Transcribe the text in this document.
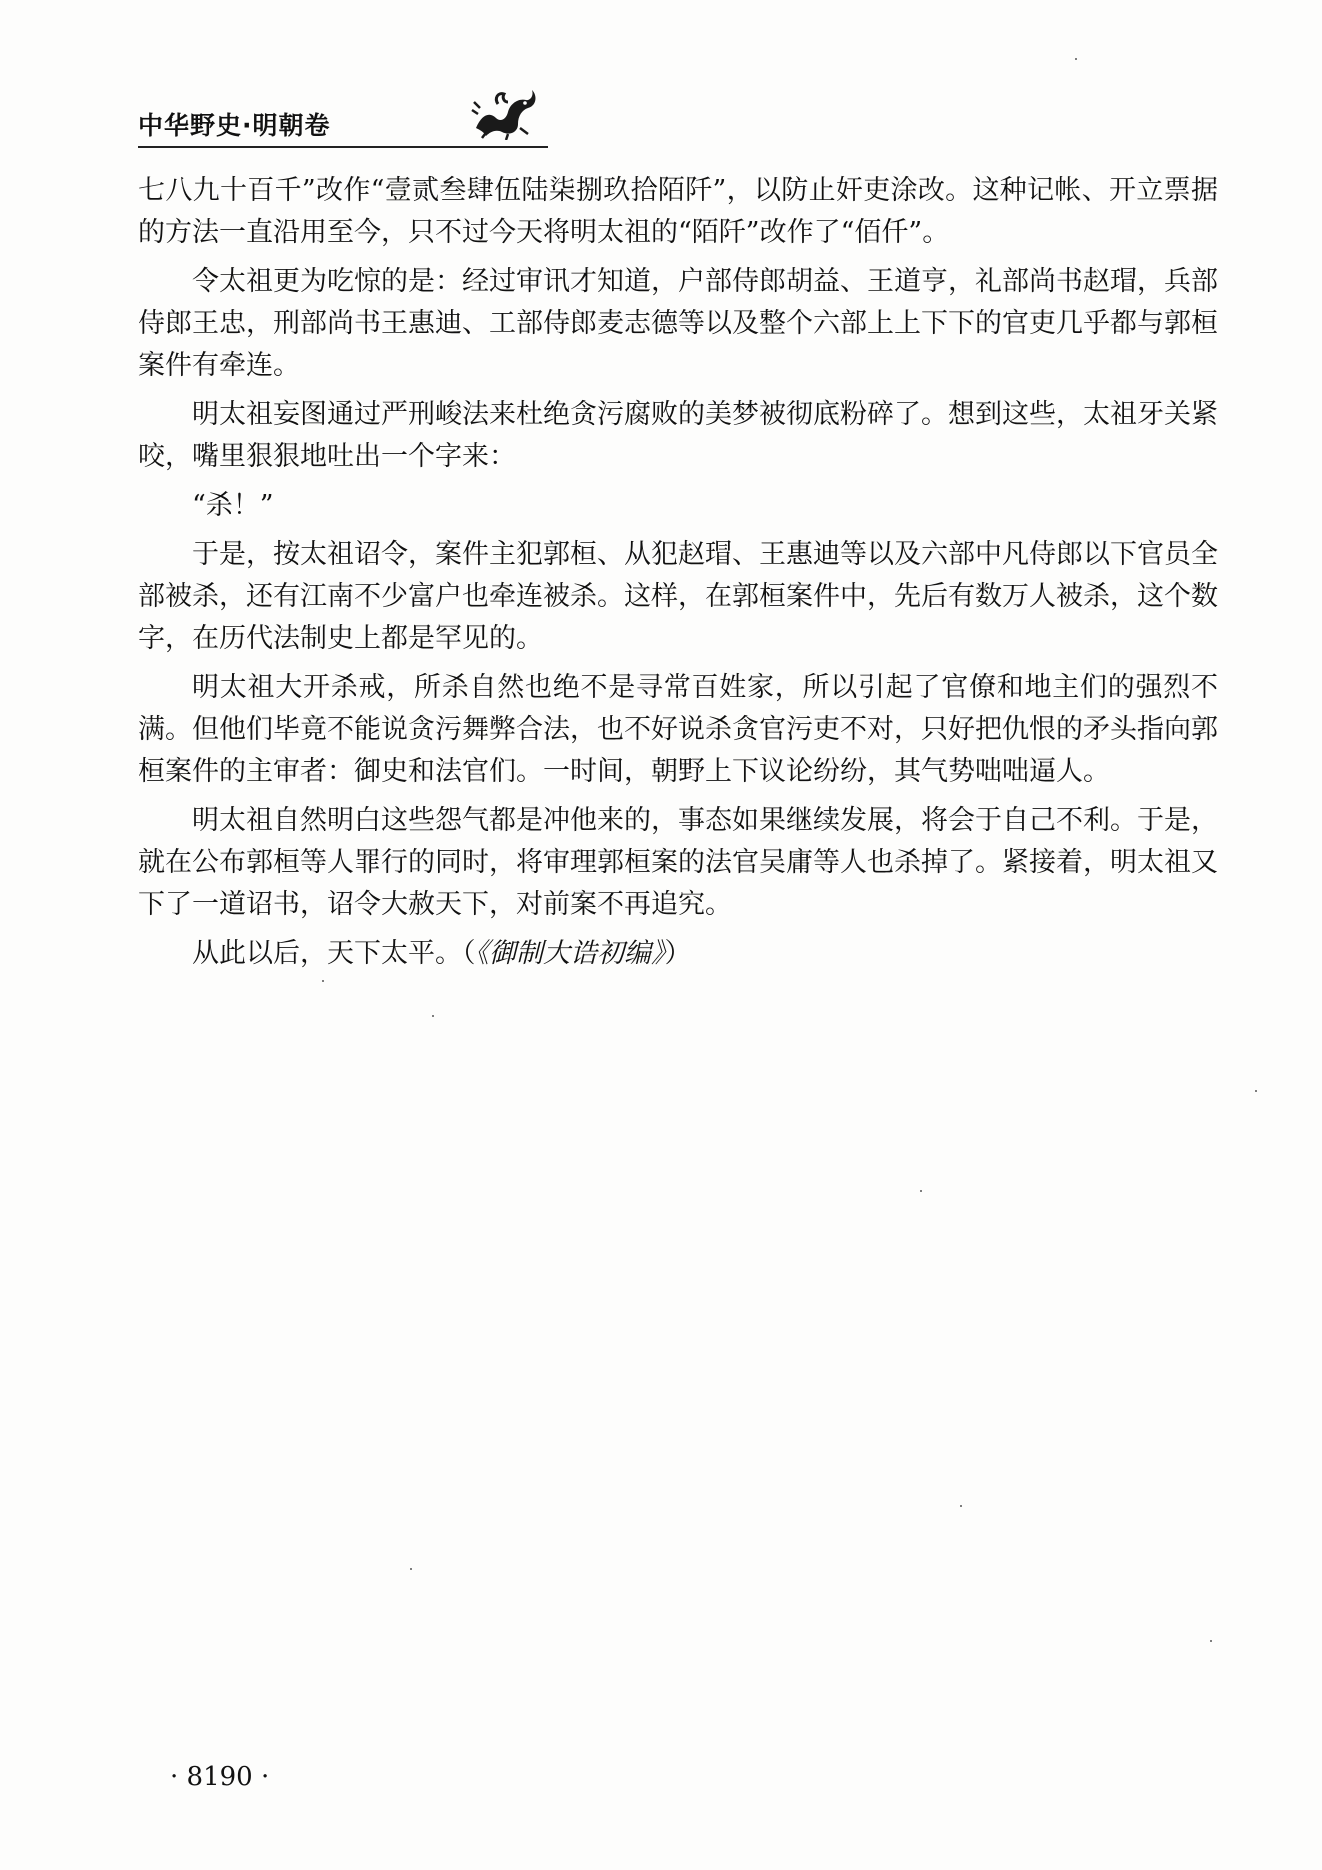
中华野史·明朝卷

七八九十百千”改作“壹贰叁肆伍陆柒捌玖拾陌阡”，以防止奸吏涂改。这种记帐、开立票据的方法一直沿用至今，只不过今天将明太祖的“陌阡”改作了“佰仟”。

令太祖更为吃惊的是：经过审讯才知道，户部侍郎胡益、王道亨，礼部尚书赵瑁，兵部侍郎王忠，刑部尚书王惠迪、工部侍郎麦志德等以及整个六部上上下下的官吏几乎都与郭桓案件有牵连。

明太祖妄图通过严刑峻法来杜绝贪污腐败的美梦被彻底粉碎了。想到这些，太祖牙关紧咬，嘴里狠狠地吐出一个字来：

“杀！”

于是，按太祖诏令，案件主犯郭桓、从犯赵瑁、王惠迪等以及六部中凡侍郎以下官员全部被杀，还有江南不少富户也牵连被杀。这样，在郭桓案件中，先后有数万人被杀，这个数字，在历代法制史上都是罕见的。

明太祖大开杀戒，所杀自然也绝不是寻常百姓家，所以引起了官僚和地主们的强烈不满。但他们毕竟不能说贪污舞弊合法，也不好说杀贪官污吏不对，只好把仇恨的矛头指向郭桓案件的主审者：御史和法官们。一时间，朝野上下议论纷纷，其气势咄咄逼人。

明太祖自然明白这些怨气都是冲他来的，事态如果继续发展，将会于自己不利。于是，就在公布郭桓等人罪行的同时，将审理郭桓案的法官吴庸等人也杀掉了。紧接着，明太祖又下了一道诏书，诏令大赦天下，对前案不再追究。

从此以后，天下太平。（《御制大诰初编》）

· 8190 ·
